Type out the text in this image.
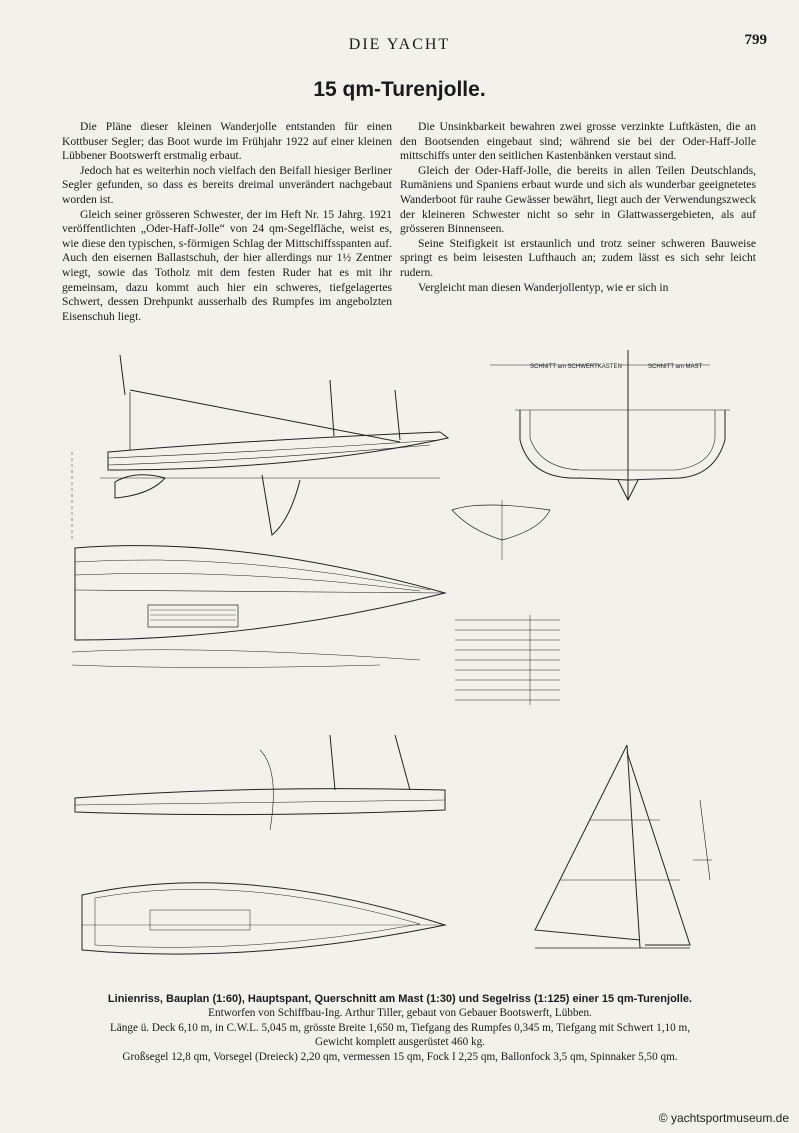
DIE YACHT	799
15 qm-Turenjolle.

Die Pläne dieser kleinen Wanderjolle entstanden für einen Kottbuser Segler; das Boot wurde im Frühjahr 1922 auf einer kleinen Lübbener Bootswerft erstmalig erbaut.

Jedoch hat es weiterhin noch vielfach den Beifall hiesiger Berliner Segler gefunden, so dass es bereits dreimal unverändert nachgebaut worden ist.

Gleich seiner grösseren Schwester, der im Heft Nr. 15 Jahrg. 1921 veröffentlichten „Oder-Haff-Jolle“ von 24 qm-Segelfläche, weist es, wie diese den typischen, s-förmigen Schlag der Mittschiffsspanten auf. Auch den eisernen Ballastschuh, der hier allerdings nur 1½ Zentner wiegt, sowie das Totholz mit dem festen Ruder hat es mit ihr gemeinsam, dazu kommt auch hier ein schweres, tiefgelagertes Schwert, dessen Drehpunkt ausserhalb des Rumpfes im angebolzten Eisenschuh liegt.

Die Unsinkbarkeit bewahren zwei grosse verzinkte Luftkästen, die an den Bootsenden eingebaut sind; während sie bei der Oder-Haff-Jolle mittschiffs unter den seitlichen Kastenbänken verstaut sind.

Gleich der Oder-Haff-Jolle, die bereits in allen Teilen Deutschlands, Rumäniens und Spaniens erbaut wurde und sich als wunderbar geeignetetes Wanderboot für rauhe Gewässer bewährt, liegt auch der Verwendungszweck der kleineren Schwester nicht so sehr in Glattwassergebieten, als auf grösseren Binnenseen.

Seine Steifigkeit ist erstaunlich und trotz seiner schweren Bauweise springt es beim leisesten Lufthauch an; zudem lässt es sich sehr leicht rudern.

Vergleicht man diesen Wanderjollentyp, wie er sich in

SCHNITT am SCHWERTKASTEN	SCHNITT am MAST
Linienriss, Bauplan (1:60), Hauptspant, Querschnitt am Mast (1:30) und Segelriss (1:125) einer 15 qm-Turenjolle.
Entworfen von Schiffbau-Ing. Arthur Tiller, gebaut von Gebauer Bootswerft, Lübben.
Länge ü. Deck 6,10 m, in C.W.L. 5,045 m, grösste Breite 1,650 m, Tiefgang des Rumpfes 0,345 m, Tiefgang mit Schwert 1,10 m,
Gewicht komplett ausgerüstet 460 kg.
Großsegel 12,8 qm, Vorsegel (Dreieck) 2,20 qm, vermessen 15 qm, Fock I 2,25 qm, Ballonfock 3,5 qm, Spinnaker 5,50 qm.
© yachtsportmuseum.de
